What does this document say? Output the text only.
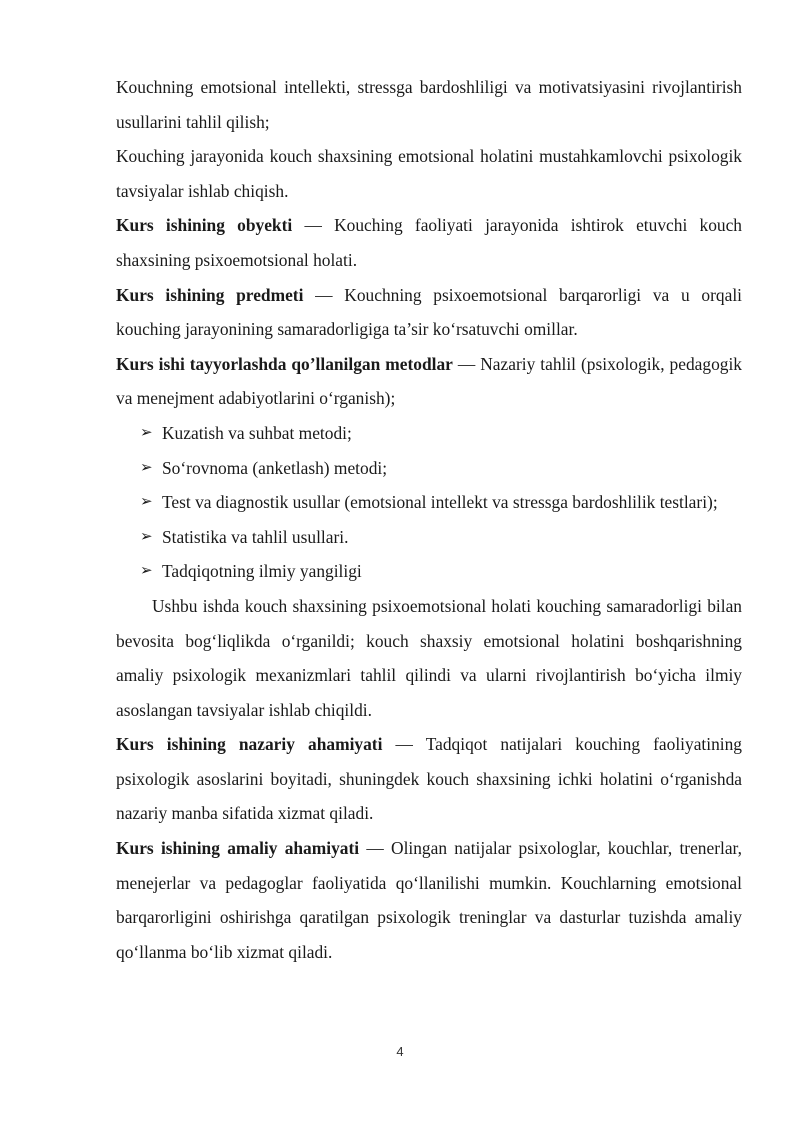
Kouchning emotsional intellekti, stressga bardoshliligi va motivatsiyasini rivojlantirish usullarini tahlil qilish;

Kouching jarayonida kouch shaxsining emotsional holatini mustahkamlovchi psixologik tavsiyalar ishlab chiqish.

Kurs ishining obyekti — Kouching faoliyati jarayonida ishtirok etuvchi kouch shaxsining psixoemotsional holati.

Kurs ishining predmeti — Kouchning psixoemotsional barqarorligi va u orqali kouching jarayonining samaradorligiga ta’sir ko‘rsatuvchi omillar.

Kurs ishi tayyorlashda qo’llanilgan metodlar — Nazariy tahlil (psixologik, pedagogik va menejment adabiyotlarini o‘rganish);

➢ Kuzatish va suhbat metodi;
➢ So‘rovnoma (anketlash) metodi;
➢ Test va diagnostik usullar (emotsional intellekt va stressga bardoshlilik testlari);
➢ Statistika va tahlil usullari.
➢ Tadqiqotning ilmiy yangiligi

Ushbu ishda kouch shaxsining psixoemotsional holati kouching samaradorligi bilan bevosita bog‘liqlikda o‘rganildi; kouch shaxsiy emotsional holatini boshqarishning amaliy psixologik mexanizmlari tahlil qilindi va ularni rivojlantirish bo‘yicha ilmiy asoslangan tavsiyalar ishlab chiqildi.

Kurs ishining nazariy ahamiyati — Tadqiqot natijalari kouching faoliyatining psixologik asoslarini boyitadi, shuningdek kouch shaxsining ichki holatini o‘rganishda nazariy manba sifatida xizmat qiladi.

Kurs ishining amaliy ahamiyati — Olingan natijalar psixologlar, kouchlar, trenerlar, menejerlar va pedagoglar faoliyatida qo‘llanilishi mumkin. Kouchlarning emotsional barqarorligini oshirishga qaratilgan psixologik treninglar va dasturlar tuzishda amaliy qo‘llanma bo‘lib xizmat qiladi.

4
